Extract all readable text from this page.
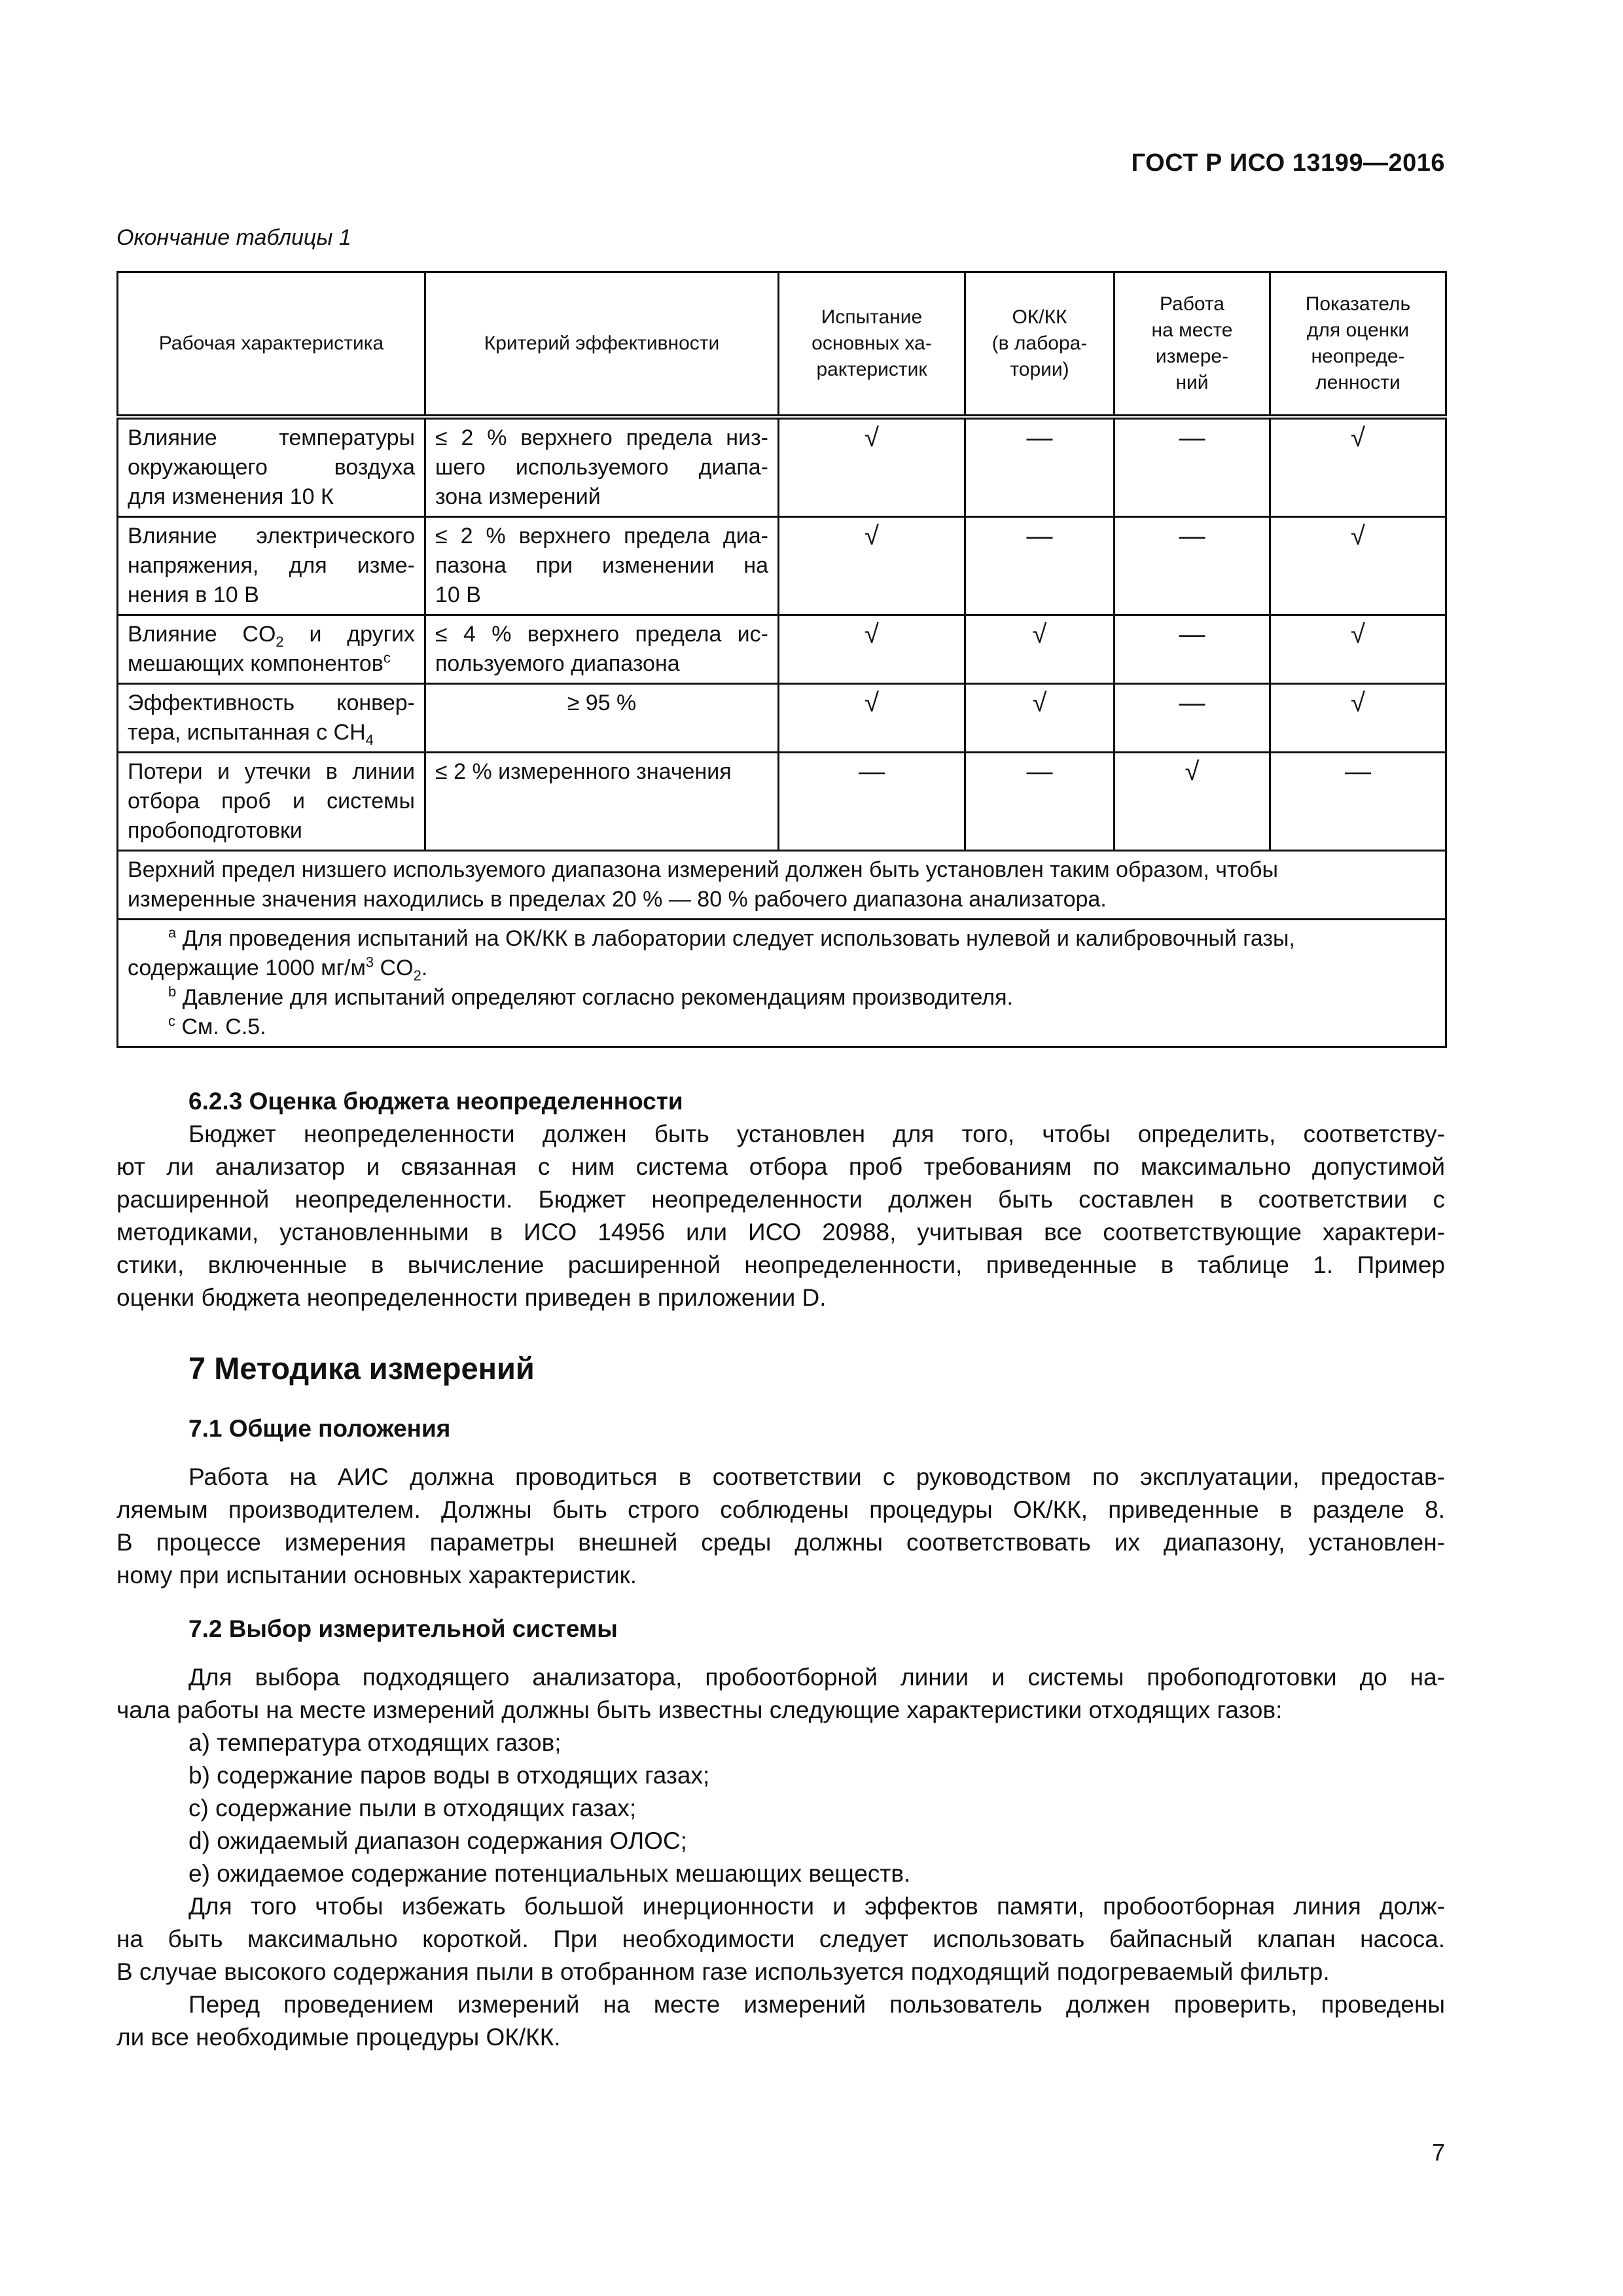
ГОСТ Р ИСО 13199—2016
Окончание таблицы 1
Рабочая характеристика	Критерий эффективности	Испытание
основных ха-
рактеристик	ОК/КК
(в лабора-
тории)	Работа
на месте
измере-
ний	Показатель
для оценки
неопреде-
ленности

Влияние температуры
окружающего воздуха
для изменения 10 К	≤ 2 % верхнего предела низ-
шего используемого диапа-
зона измерений	√	—	—	√

Влияние электрического
напряжения, для изме-
нения в 10 В	≤ 2 % верхнего предела диа-
пазона при изменении на
10 В	√	—	—	√

Влияние $CO_2$ и других
мешающих компонентов$^c$	≤ 4 % верхнего предела ис-
пользуемого диапазона	√	√	—	√

Эффективность конвер-
тера, испытанная с $CH_4$	≥ 95 %	√	√	—	√

Потери и утечки в линии
отбора проб и системы
пробоподготовки	≤ 2 % измеренного значения	—	—	√	—

Верхний предел низшего используемого диапазона измерений должен быть установлен таким образом, чтобы
измеренные значения находились в пределах 20 % — 80 % рабочего диапазона анализатора.					

$^a$ Для проведения испытаний на ОК/КК в лаборатории следует использовать нулевой и калибровочный газы,
содержащие 1000 $мг/м^3$ $CO_2$.
$^b$ Давление для испытаний определяют согласно рекомендациям производителя.
$^c$ См. С.5.					
6.2.3 Оценка бюджета неопределенности
Бюджет неопределенности должен быть установлен для того, чтобы определить, соответству-
ют ли анализатор и связанная с ним система отбора проб требованиям по максимально допустимой
расширенной неопределенности. Бюджет неопределенности должен быть составлен в соответствии с
методиками, установленными в ИСО 14956 или ИСО 20988, учитывая все соответствующие характери-
стики, включенные в вычисление расширенной неопределенности, приведенные в таблице 1. Пример
оценки бюджета неопределенности приведен в приложении D.
7 Методика измерений
7.1 Общие положения
Работа на АИС должна проводиться в соответствии с руководством по эксплуатации, предостав-
ляемым производителем. Должны быть строго соблюдены процедуры ОК/КК, приведенные в разделе 8.
В процессе измерения параметры внешней среды должны соответствовать их диапазону, установлен-
ному при испытании основных характеристик.
7.2 Выбор измерительной системы
Для выбора подходящего анализатора, пробоотборной линии и системы пробоподготовки до на-
чала работы на месте измерений должны быть известны следующие характеристики отходящих газов:

a) температура отходящих газов;

b) содержание паров воды в отходящих газах;

c) содержание пыли в отходящих газах;

d) ожидаемый диапазон содержания ОЛОС;

e) ожидаемое содержание потенциальных мешающих веществ.

Для того чтобы избежать большой инерционности и эффектов памяти, пробоотборная линия долж-
на быть максимально короткой. При необходимости следует использовать байпасный клапан насоса.
В случае высокого содержания пыли в отобранном газе используется подходящий подогреваемый фильтр.
Перед проведением измерений на месте измерений пользователь должен проверить, проведены
ли все необходимые процедуры ОК/КК.
7
